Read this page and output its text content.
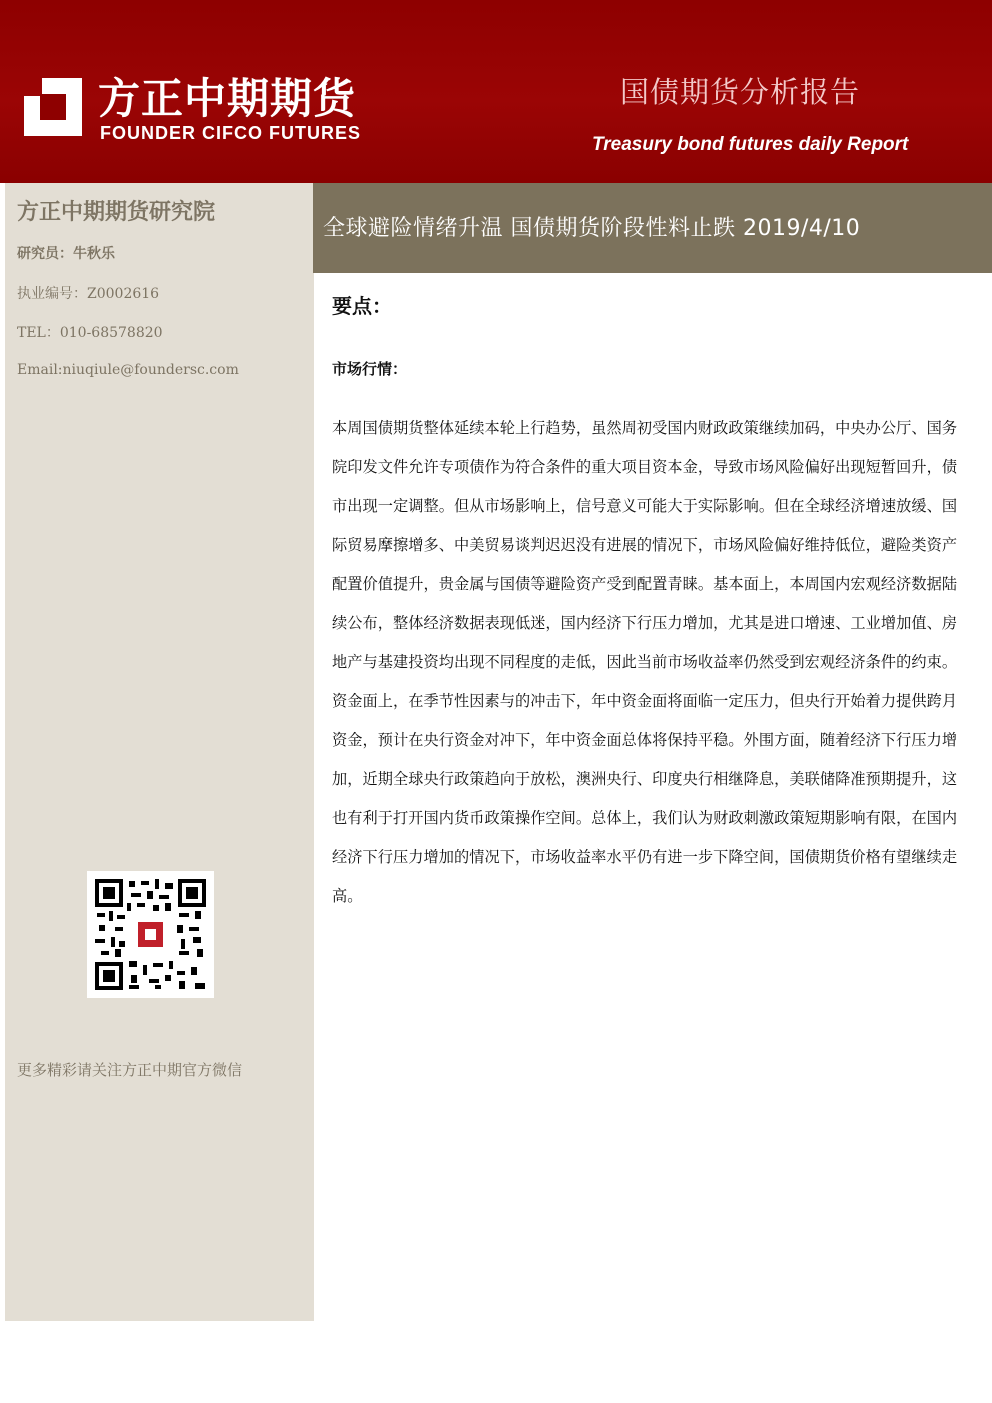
方正中期期货
FOUNDER CIFCO FUTURES
国债期货分析报告
Treasury bond futures daily Report
方正中期期货研究院
研究员：牛秋乐
执业编号：Z0002616
TEL：010-68578820
Email:niuqiule@foundersc.com
更多精彩请关注方正中期官方微信
全球避险情绪升温 国债期货阶段性料止跌 2019/4/10
要点：
市场行情：

本周国债期货整体延续本轮上行趋势，虽然周初受国内财政政策继续加码，中央办公厅、国务院印发文件允许专项债作为符合条件的重大项目资本金，导致市场风险偏好出现短暂回升，债市出现一定调整。但从市场影响上，信号意义可能大于实际影响。但在全球经济增速放缓、国际贸易摩擦增多、中美贸易谈判迟迟没有进展的情况下，市场风险偏好维持低位，避险类资产配置价值提升，贵金属与国债等避险资产受到配置青睐。基本面上，本周国内宏观经济数据陆续公布，整体经济数据表现低迷，国内经济下行压力增加，尤其是进口增速、工业增加值、房地产与基建投资均出现不同程度的走低，因此当前市场收益率仍然受到宏观经济条件的约束。资金面上，在季节性因素与的冲击下，年中资金面将面临一定压力，但央行开始着力提供跨月资金，预计在央行资金对冲下，年中资金面总体将保持平稳。外围方面，随着经济下行压力增加，近期全球央行政策趋向于放松，澳洲央行、印度央行相继降息，美联储降准预期提升，这也有利于打开国内货币政策操作空间。总体上，我们认为财政刺激政策短期影响有限，在国内经济下行压力增加的情况下，市场收益率水平仍有进一步下降空间，国债期货价格有望继续走高。
